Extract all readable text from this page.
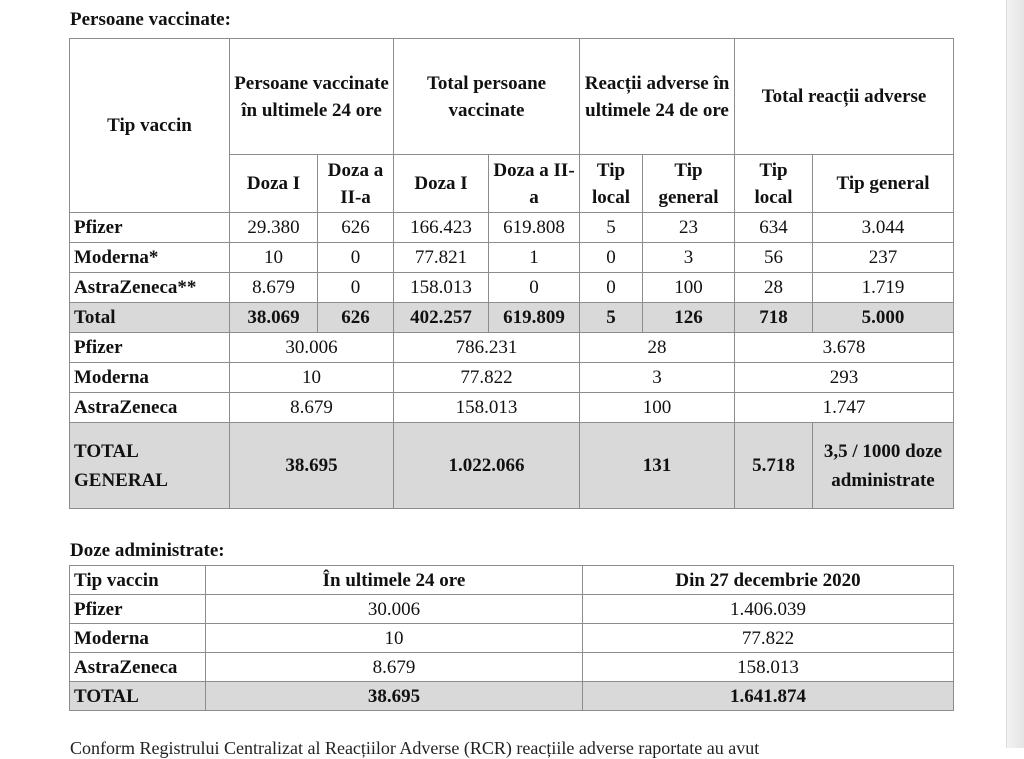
Persoane vaccinate:
Tip vaccin	Persoane vaccinate în ultimele 24 ore		Total persoane vaccinate		Reacții adverse în ultimele 24 de ore		Total reacții adverse	
	Doza I	Doza a II-a	Doza I	Doza a II-a	Tip local	Tip general	Tip local	Tip general
Pfizer	29.380	626	166.423	619.808	5	23	634	3.044
Moderna*	10	0	77.821	1	0	3	56	237
AstraZeneca**	8.679	0	158.013	0	0	100	28	1.719
Total	38.069	626	402.257	619.809	5	126	718	5.000
Pfizer	30.006		786.231		28		3.678	
Moderna	10		77.822		3		293	
AstraZeneca	8.679		158.013		100		1.747	
TOTAL GENERAL	38.695		1.022.066		131		5.718	3,5 / 1000 doze administrate
Doze administrate:
Tip vaccin	În ultimele 24 ore	Din 27 decembrie 2020
Pfizer	30.006	1.406.039
Moderna	10	77.822
AstraZeneca	8.679	158.013
TOTAL	38.695	1.641.874
Conform Registrului Centralizat al Reacțiilor Adverse (RCR) reacțiile adverse raportate au avut
